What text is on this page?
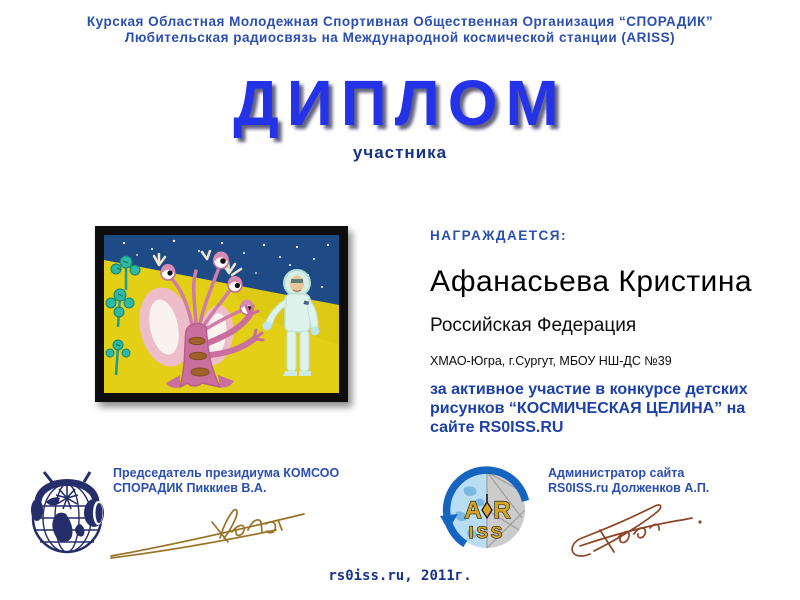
Курская Областная Молодежная Спортивная Общественная Организация “СПОРАДИК”
Любительская радиосвязь на Международной космической станции (ARISS)
ДИПЛОМ
участника
НАГРАЖДАЕТСЯ:
Афанасьева Кристина
Российская Федерация
ХМАО-Югра, г.Сургут, МБОУ НШ-ДС №39
за активное участие в конкурсе детских рисунков “КОСМИЧЕСКАЯ ЦЕЛИНА” на сайте RS0ISS.RU
Председатель президиума КОМСОО
СПОРАДИК Пиккиев В.А.
A R
ISS
Администратор сайта
RS0ISS.ru Долженков А.П.
rs0iss.ru, 2011г.
